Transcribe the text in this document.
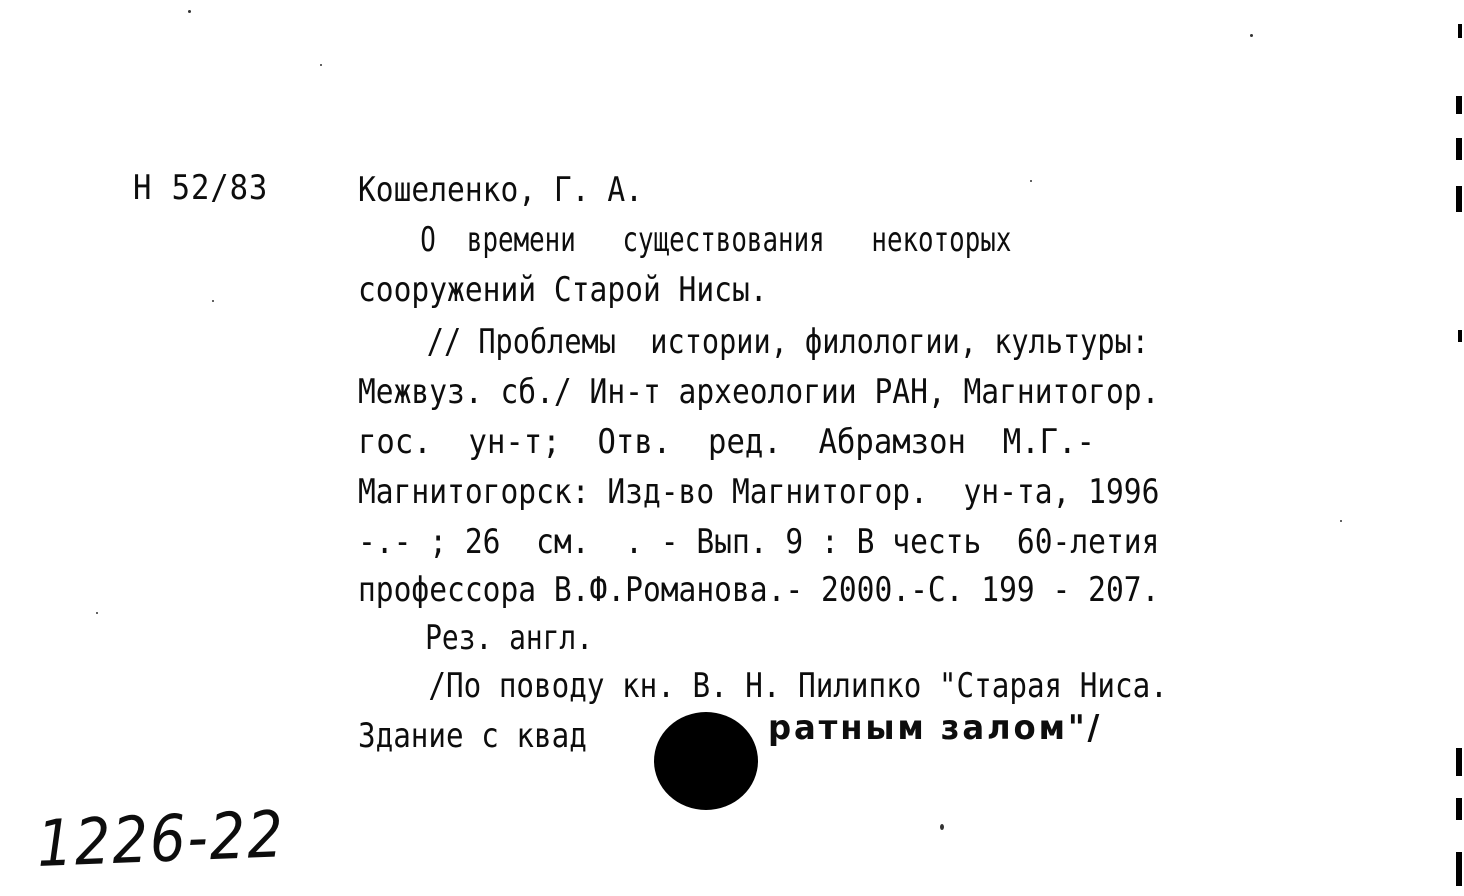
Н 52/83	Кошеленко, Г. А.
О  времени   существования   некоторых
сооружений Старой Нисы.
// Проблемы  истории, филологии, культуры:
Межвуз. сб./ Ин-т археологии РАН, Магнитогор.
гос.  ун-т;  Отв.  ред.  Абрамзон  М.Г.-
Магнитогорск: Изд-во Магнитогор.  ун-та, 1996
-.- ; 26  см.  . - Вып. 9 : В честь  60-летия
профессора В.Ф.Романова.- 2000.-С. 199 - 207.
Рез. англ.
/По поводу кн. В. Н. Пилипко "Старая Ниса.
Здание с квад	ратным залом"/
1226-22
